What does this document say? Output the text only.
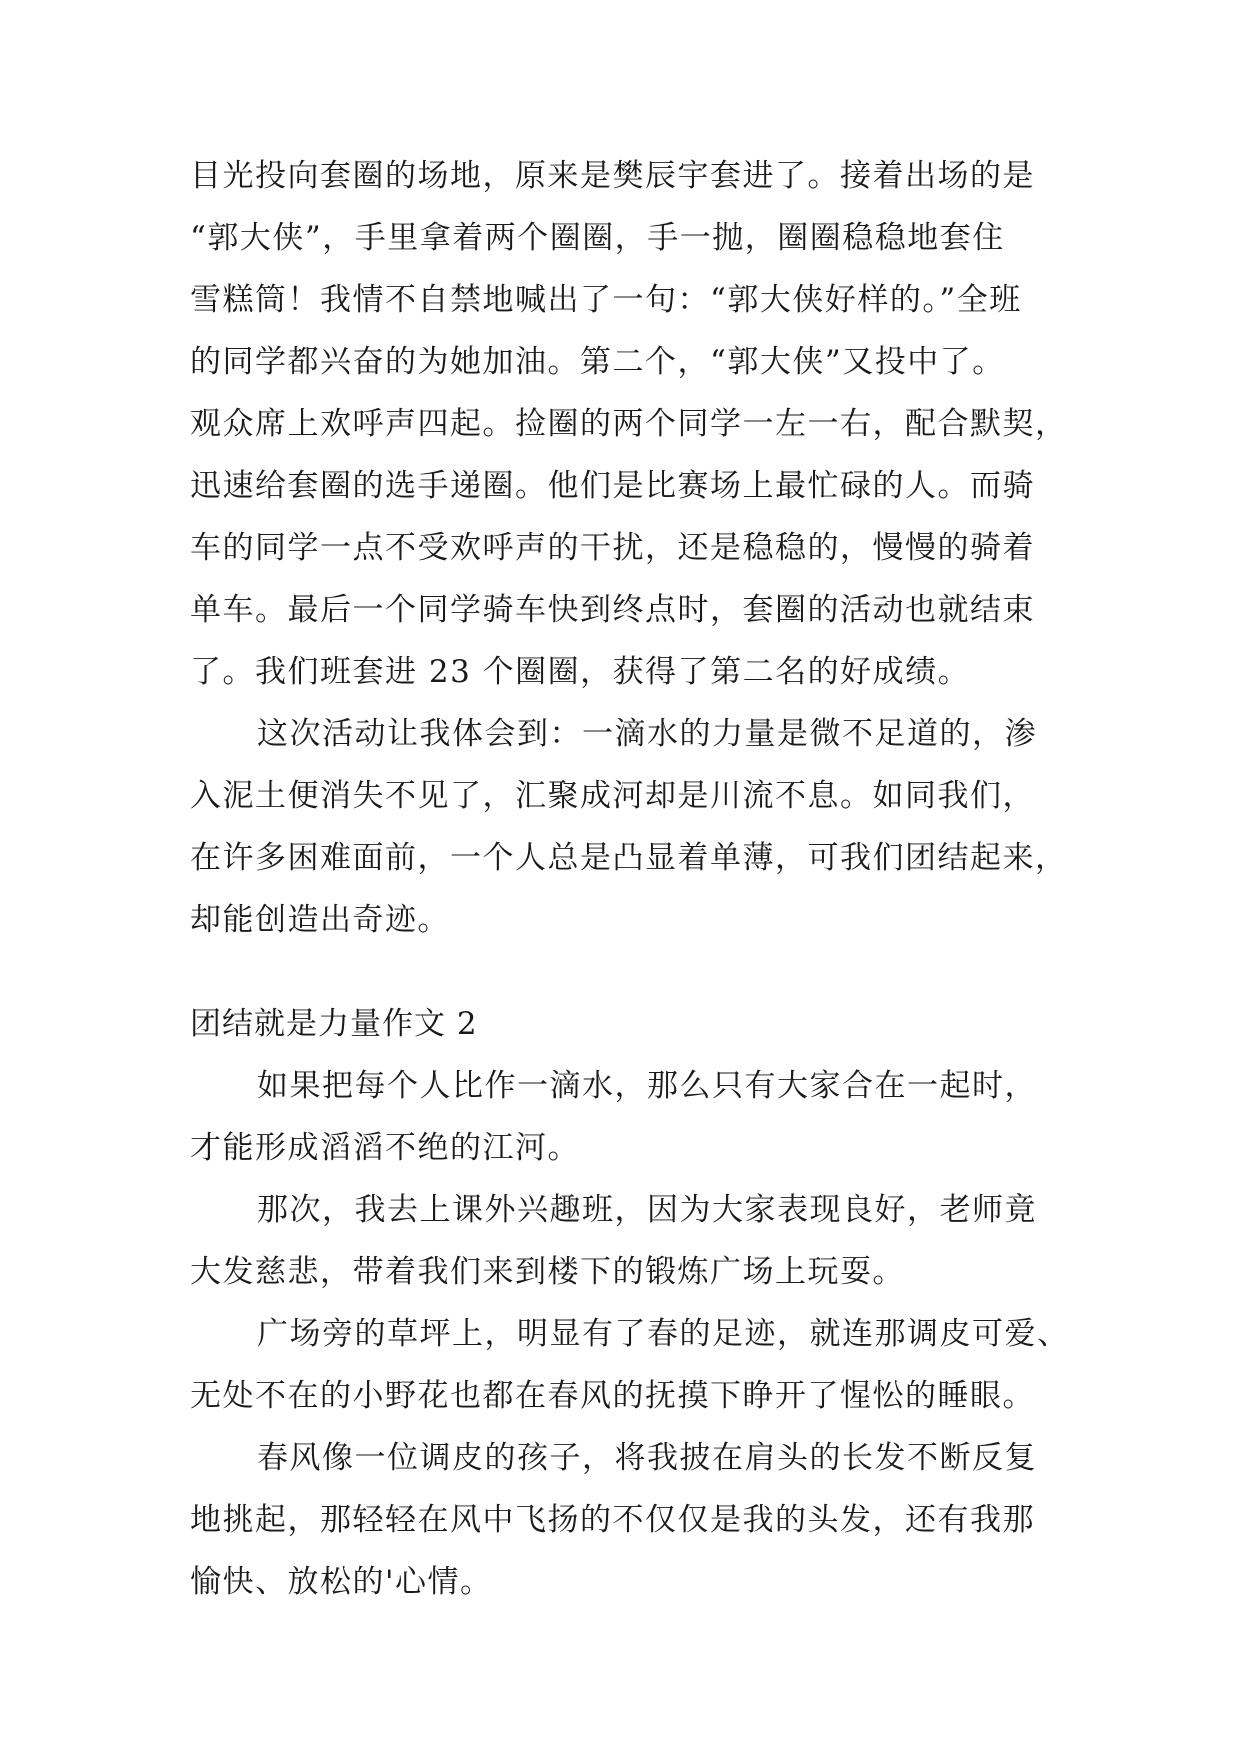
目光投向套圈的场地，原来是樊辰宇套进了。接着出场的是
“郭大侠”，手里拿着两个圈圈，手一抛，圈圈稳稳地套住
雪糕筒！我情不自禁地喊出了一句：“郭大侠好样的。”全班
的同学都兴奋的为她加油。第二个，“郭大侠”又投中了。
观众席上欢呼声四起。捡圈的两个同学一左一右，配合默契，
迅速给套圈的选手递圈。他们是比赛场上最忙碌的人。而骑
车的同学一点不受欢呼声的干扰，还是稳稳的，慢慢的骑着
单车。最后一个同学骑车快到终点时，套圈的活动也就结束
了。我们班套进 23 个圈圈，获得了第二名的好成绩。
这次活动让我体会到：一滴水的力量是微不足道的，渗
入泥土便消失不见了，汇聚成河却是川流不息。如同我们，
在许多困难面前，一个人总是凸显着单薄，可我们团结起来，
却能创造出奇迹。
团结就是力量作文 2
如果把每个人比作一滴水，那么只有大家合在一起时，
才能形成滔滔不绝的江河。
那次，我去上课外兴趣班，因为大家表现良好，老师竟
大发慈悲，带着我们来到楼下的锻炼广场上玩耍。
广场旁的草坪上，明显有了春的足迹，就连那调皮可爱、
无处不在的小野花也都在春风的抚摸下睁开了惺忪的睡眼。
春风像一位调皮的孩子，将我披在肩头的长发不断反复
地挑起，那轻轻在风中飞扬的不仅仅是我的头发，还有我那
愉快、放松的'心情。
